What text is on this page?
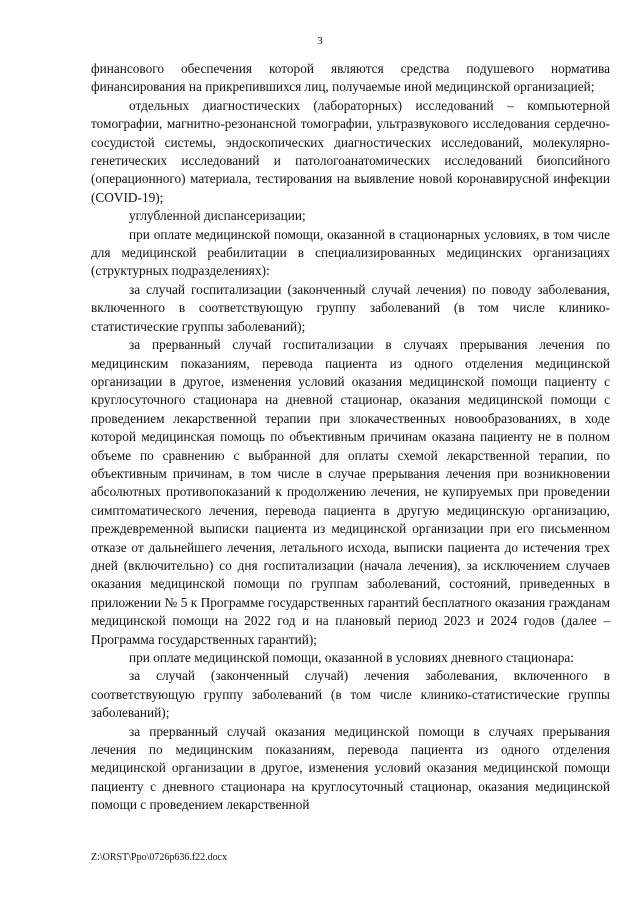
3

финансового обеспечения которой являются средства подушевого норматива финансирования на прикрепившихся лиц, получаемые иной медицинской организацией;

отдельных диагностических (лабораторных) исследований – компьютерной томографии, магнитно-резонансной томографии, ультразвукового исследования сердечно-сосудистой системы, эндоскопических диагностических исследований, молекулярно-генетических исследований и патологоанатомических исследований биопсийного (операционного) материала, тестирования на выявление новой коронавирусной инфекции (COVID-19);

углубленной диспансеризации;

при оплате медицинской помощи, оказанной в стационарных условиях, в том числе для медицинской реабилитации в специализированных медицинских организациях (структурных подразделениях):

за случай госпитализации (законченный случай лечения) по поводу заболевания, включенного в соответствующую группу заболеваний (в том числе клинико-статистические группы заболеваний);

за прерванный случай госпитализации в случаях прерывания лечения по медицинским показаниям, перевода пациента из одного отделения медицинской организации в другое, изменения условий оказания медицинской помощи пациенту с круглосуточного стационара на дневной стационар, оказания медицинской помощи с проведением лекарственной терапии при злокачественных новообразованиях, в ходе которой медицинская помощь по объективным причинам оказана пациенту не в полном объеме по сравнению с выбранной для оплаты схемой лекарственной терапии, по объективным причинам, в том числе в случае прерывания лечения при возникновении абсолютных противопоказаний к продолжению лечения, не купируемых при проведении симптоматического лечения, перевода пациента в другую медицинскую организацию, преждевременной выписки пациента из медицинской организации при его письменном отказе от дальнейшего лечения, летального исхода, выписки пациента до истечения трех дней (включительно) со дня госпитализации (начала лечения), за исключением случаев оказания медицинской помощи по группам заболеваний, состояний, приведенных в приложении № 5 к Программе государственных гарантий бесплатного оказания гражданам медицинской помощи на 2022 год и на плановый период 2023 и 2024 годов (далее – Программа государственных гарантий);

при оплате медицинской помощи, оказанной в условиях дневного стационара:

за случай (законченный случай) лечения заболевания, включенного в соответствующую группу заболеваний (в том числе клинико-статистические группы заболеваний);

за прерванный случай оказания медицинской помощи в случаях прерывания лечения по медицинским показаниям, перевода пациента из одного отделения медицинской организации в другое, изменения условий оказания медицинской помощи пациенту с дневного стационара на круглосуточный стационар, оказания медицинской помощи с проведением лекарственной

Z:\ORST\Ppo\0726p636.f22.docx
